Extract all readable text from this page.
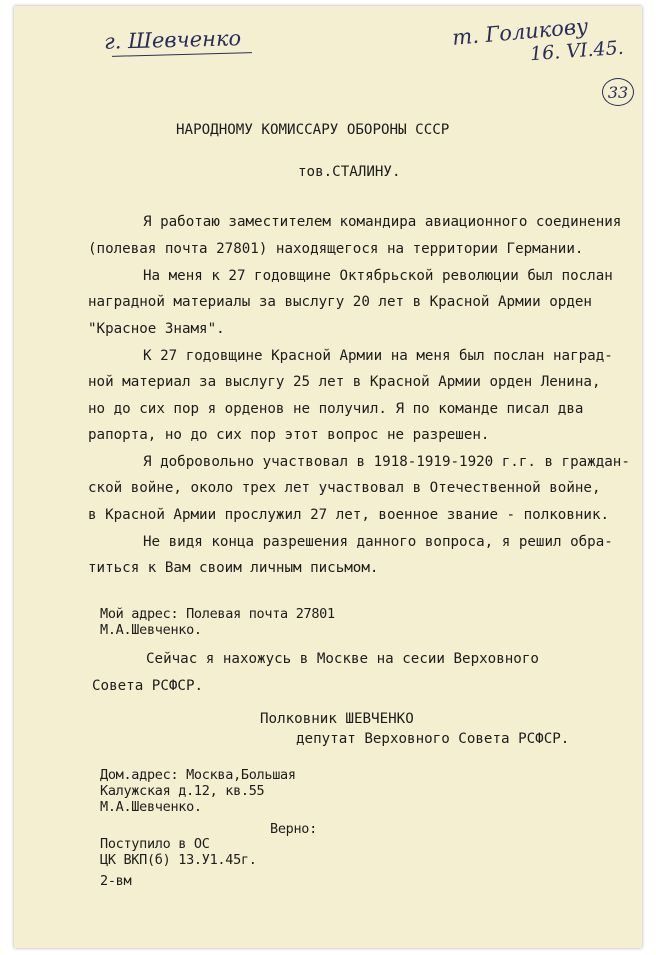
г. Шевченко	т. Голикову
16. VI.45.
33
НАРОДНОМУ КОМИССАРУ ОБОРОНЫ СССР
тов.СТАЛИНУ.
Я работаю заместителем командира авиационного соединения
(полевая почта 27801) находящегося на территории Германии.
На меня к 27 годовщине Октябрьской революции был послан
наградной материалы за выслугу 20 лет в Красной Армии орден
"Красное Знамя".
К 27 годовщине Красной Армии на меня был послан наград-
ной материал за выслугу 25 лет в Красной Армии орден Ленина,
но до сих пор я орденов не получил. Я по команде писал два
рапорта, но до сих пор этот вопрос не разрешен.
Я добровольно участвовал в 1918-1919-1920 г.г. в граждан-
ской войне, около трех лет участвовал в Отечественной войне,
в Красной Армии прослужил 27 лет, военное звание - полковник.
Не видя конца разрешения данного вопроса, я решил обра-
титься к Вам своим личным письмом.
Мой адрес: Полевая почта 27801
М.А.Шевченко.
Сейчас я нахожусь в Москве на сесии Верховного
Совета РСФСР.
Полковник ШЕВЧЕНКО
депутат Верховного Совета РСФСР.
Дом.адрес: Москва,Большая
Калужская д.12, кв.55
М.А.Шевченко.
Верно:
Поступило в ОС
ЦК ВКП(б) 13.У1.45г.
2-вм
